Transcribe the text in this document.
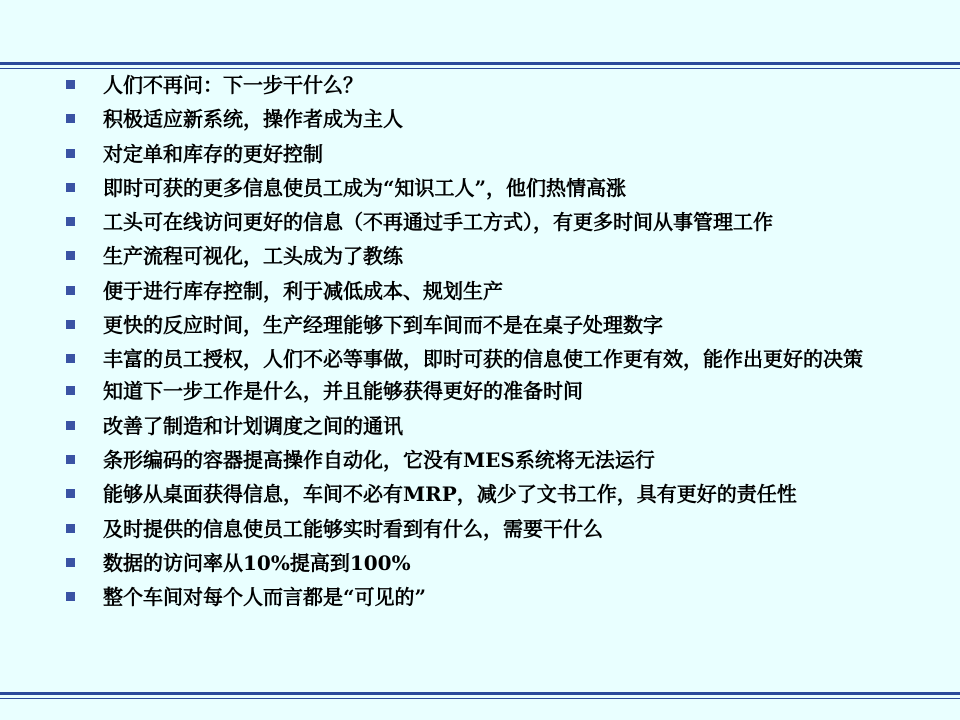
人们不再问：下一步干什么？
积极适应新系统，操作者成为主人
对定单和库存的更好控制
即时可获的更多信息使员工成为“知识工人”，他们热情高涨
工头可在线访问更好的信息（不再通过手工方式），有更多时间从事管理工作
生产流程可视化，工头成为了教练
便于进行库存控制，利于减低成本、规划生产
更快的反应时间，生产经理能够下到车间而不是在桌子处理数字
丰富的员工授权，人们不必等事做，即时可获的信息使工作更有效，能作出更好的决策
知道下一步工作是什么，并且能够获得更好的准备时间
改善了制造和计划调度之间的通讯
条形编码的容器提高操作自动化，它没有MES系统将无法运行
能够从桌面获得信息，车间不必有MRP，减少了文书工作，具有更好的责任性
及时提供的信息使员工能够实时看到有什么，需要干什么
数据的访问率从10%提高到100%
整个车间对每个人而言都是“可见的”
